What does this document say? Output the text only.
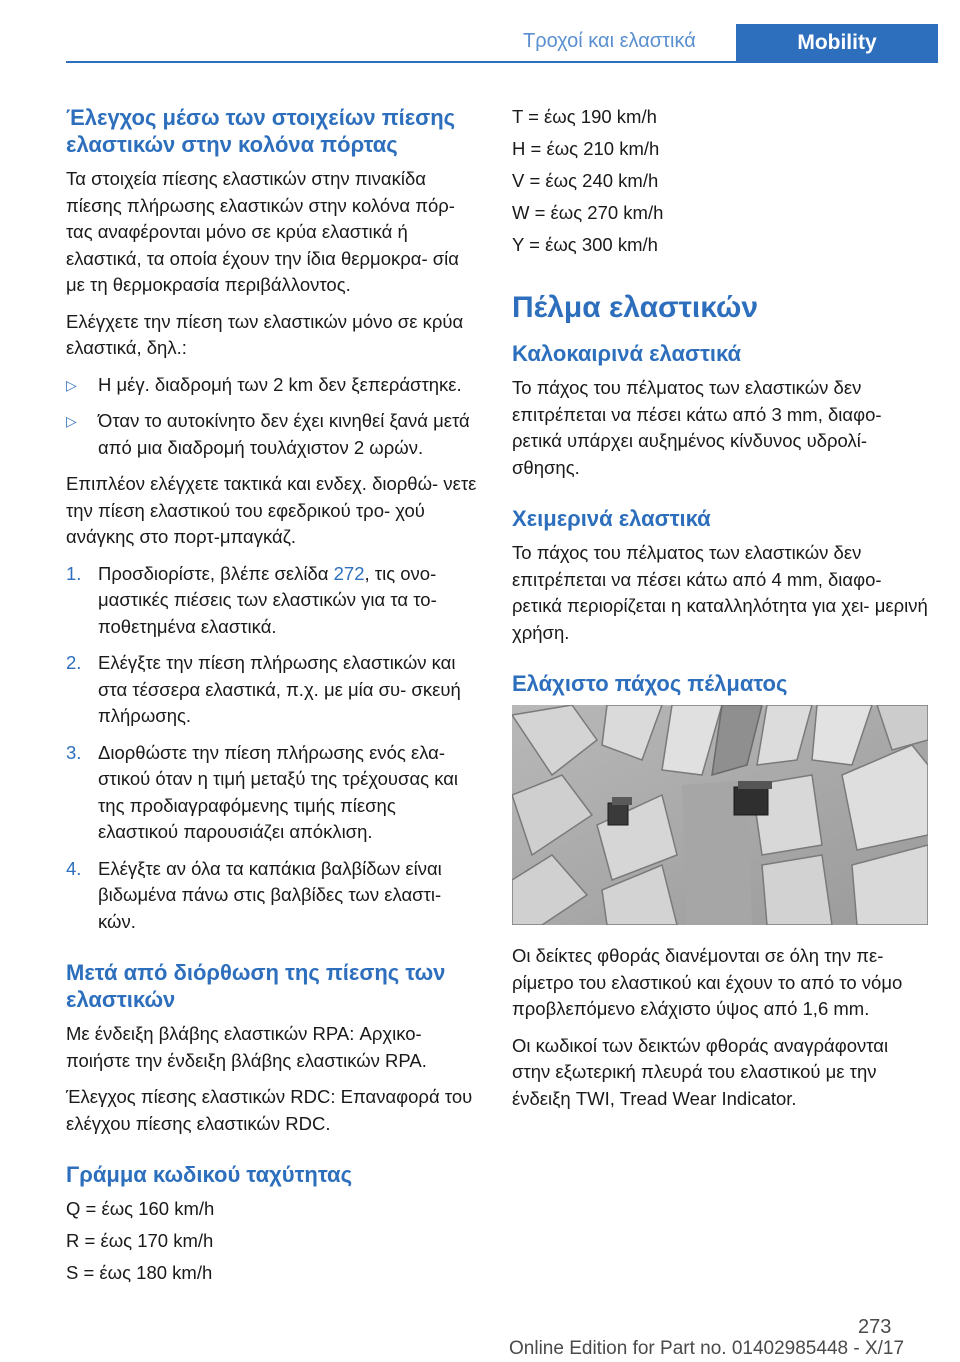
Τροχοί και ελαστικά	Mobility
Έλεγχος μέσω των στοιχείων πίεσης ελαστικών στην κολόνα πόρτας

Τα στοιχεία πίεσης ελαστικών στην πινακίδα πίεσης πλήρωσης ελαστικών στην κολόνα πόρ‐ τας αναφέρονται μόνο σε κρύα ελαστικά ή ελαστικά, τα οποία έχουν την ίδια θερμοκρα‐ σία με τη θερμοκρασία περιβάλλοντος.

Ελέγχετε την πίεση των ελαστικών μόνο σε κρύα ελαστικά, δηλ.:

▷ Η μέγ. διαδρομή των 2 km δεν ξεπεράστηκε.
▷ Όταν το αυτοκίνητο δεν έχει κινηθεί ξανά μετά από μια διαδρομή τουλάχιστον 2 ωρών.

Επιπλέον ελέγχετε τακτικά και ενδεχ. διορθώ‐ νετε την πίεση ελαστικού του εφεδρικού τρο‐ χού ανάγκης στο πορτ-μπαγκάζ.

1. Προσδιορίστε, βλέπε σελίδα 272, τις ονο‐ μαστικές πιέσεις των ελαστικών για τα το‐ ποθετημένα ελαστικά.
2. Ελέγξτε την πίεση πλήρωσης ελαστικών και στα τέσσερα ελαστικά, π.χ. με μία συ‐ σκευή πλήρωσης.
3. Διορθώστε την πίεση πλήρωσης ενός ελα‐ στικού όταν η τιμή μεταξύ της τρέχουσας και της προδιαγραφόμενης τιμής πίεσης ελαστικού παρουσιάζει απόκλιση.
4. Ελέγξτε αν όλα τα καπάκια βαλβίδων είναι βιδωμένα πάνω στις βαλβίδες των ελαστι‐ κών.
Μετά από διόρθωση της πίεσης των ελαστικών

Με ένδειξη βλάβης ελαστικών RPA: Αρχικο‐ ποιήστε την ένδειξη βλάβης ελαστικών RPA.

Έλεγχος πίεσης ελαστικών RDC: Επαναφορά του ελέγχου πίεσης ελαστικών RDC.

Γράμμα κωδικού ταχύτητας

Q = έως 160 km/h

R = έως 170 km/h

S = έως 180 km/h

T = έως 190 km/h

H = έως 210 km/h

V = έως 240 km/h

W = έως 270 km/h

Y = έως 300 km/h

Πέλμα ελαστικών
Καλοκαιρινά ελαστικά

Το πάχος του πέλματος των ελαστικών δεν επιτρέπεται να πέσει κάτω από 3 mm, διαφο‐ ρετικά υπάρχει αυξημένος κίνδυνος υδρολί‐ σθησης.

Χειμερινά ελαστικά

Το πάχος του πέλματος των ελαστικών δεν επιτρέπεται να πέσει κάτω από 4 mm, διαφο‐ ρετικά περιορίζεται η καταλληλότητα για χει‐ μερινή χρήση.

Ελάχιστο πάχος πέλματος

Οι δείκτες φθοράς διανέμονται σε όλη την πε‐ ρίμετρο του ελαστικού και έχουν το από το νόμο προβλεπόμενο ελάχιστο ύψος από 1,6 mm.

Οι κωδικοί των δεικτών φθοράς αναγράφονται στην εξωτερική πλευρά του ελαστικού με την ένδειξη TWI, Tread Wear Indicator.

273
Online Edition for Part no. 01402985448 - X/17
